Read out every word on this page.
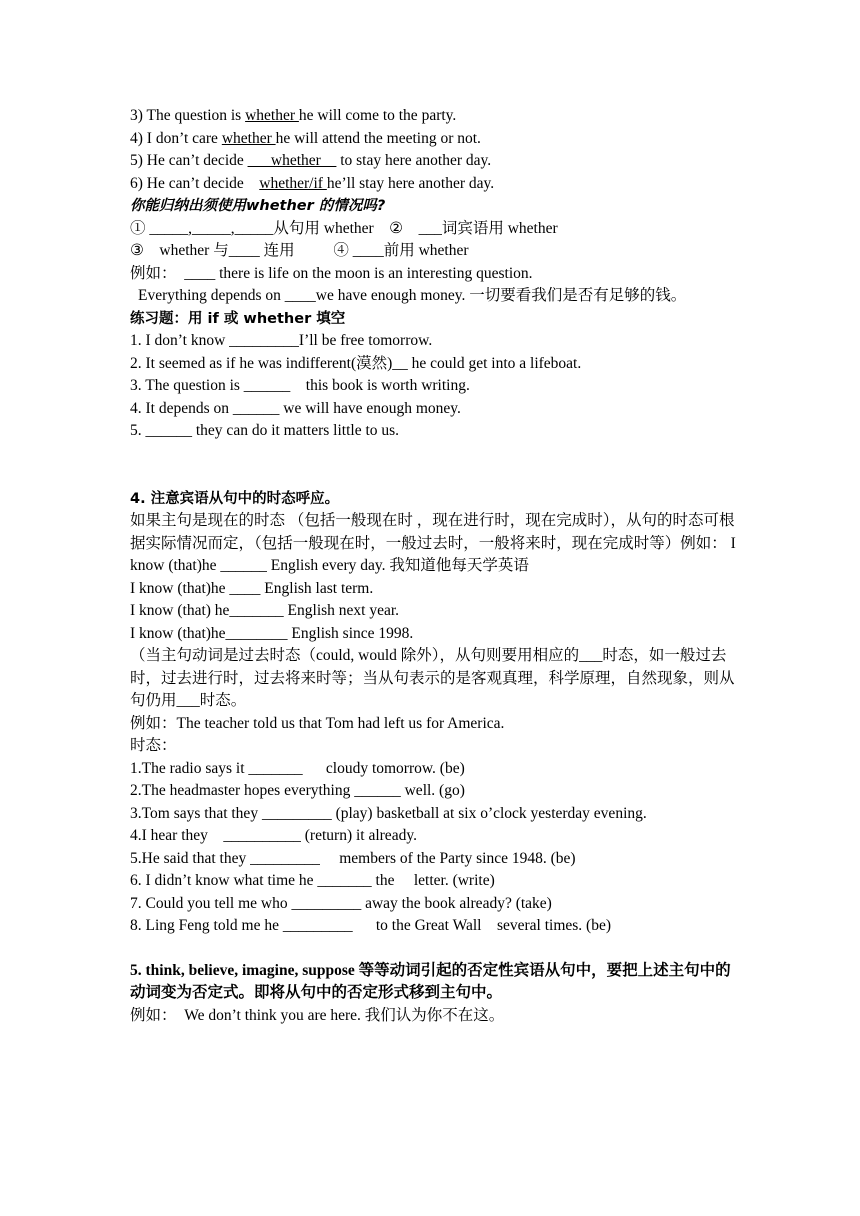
3) The question is whether he will come to the party.
4) I don’t care whether he will attend the meeting or not.
5) He can’t decide ___whether__ to stay here another day.
6) He can’t decide    whether/if he’ll stay here another day.
你能归纳出须使用whether 的情况吗?
① _____,_____,_____从句用 whether    ②    ___词宾语用 whether
③    whether 与____ 连用          ④ ____前用 whether
例如：  ____ there is life on the moon is an interesting question.
Everything depends on ____we have enough money. 一切要看我们是否有足够的钱。
练习题：用 if 或 whether 填空
1. I don’t know _________I’ll be free tomorrow.
2. It seemed as if he was indifferent(漠然)__ he could get into a lifeboat.
3. The question is ______    this book is worth writing.
4. It depends on ______ we will have enough money.
5. ______ they can do it matters little to us.
4. 注意宾语从句中的时态呼应。
如果主句是现在的时态 （包括一般现在时 ，现在进行时，现在完成时），从句的时态可根据实际情况而定，（包括一般现在时，一般过去时，一般将来时，现在完成时等）例如： I know (that)he ______ English every day. 我知道他每天学英语
I know (that)he ____ English last term.
I know (that) he_______ English next year.
I know (that)he________ English since 1998.
（当主句动词是过去时态（could, would 除外），从句则要用相应的___时态，如一般过去时，过去进行时，过去将来时等；当从句表示的是客观真理，科学原理，自然现象，则从句仍用___时态。
例如：The teacher told us that Tom had left us for America.
时态：
1.The radio says it _______      cloudy tomorrow. (be)
2.The headmaster hopes everything ______ well. (go)
3.Tom says that they _________ (play) basketball at six o’clock yesterday evening.
4.I hear they    __________ (return) it already.
5.He said that they _________     members of the Party since 1948. (be)
6. I didn’t know what time he _______ the     letter. (write)
7. Could you tell me who _________ away the book already? (take)
8. Ling Feng told me he _________      to the Great Wall    several times. (be)
5. think, believe, imagine, suppose 等等动词引起的否定性宾语从句中，要把上述主句中的动词变为否定式。即将从句中的否定形式移到主句中。
例如：  We don’t think you are here. 我们认为你不在这。
